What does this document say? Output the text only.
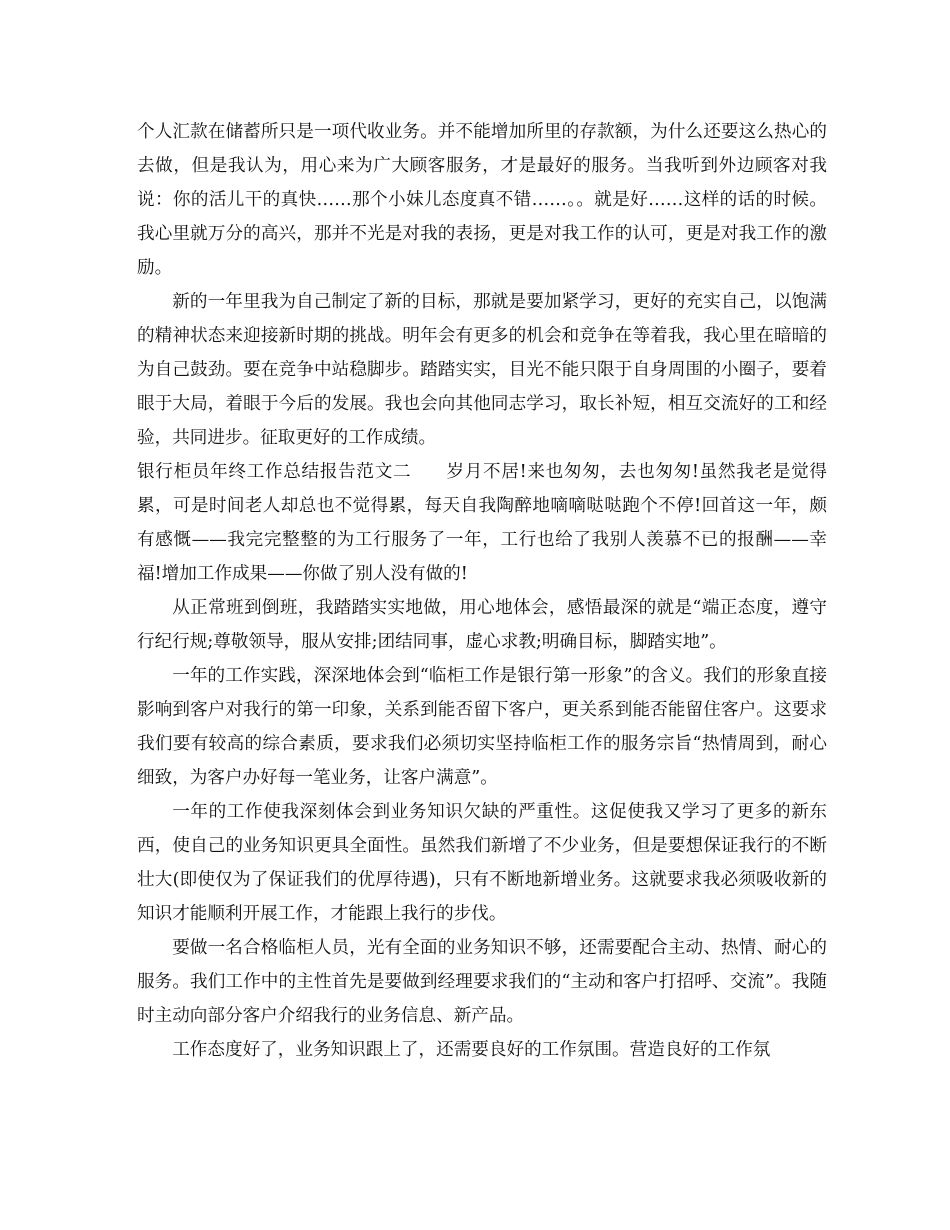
个人汇款在储蓄所只是一项代收业务。并不能增加所里的存款额，为什么还要这么热心的去做，但是我认为，用心来为广大顾客服务，才是最好的服务。当我听到外边顾客对我说：你的活儿干的真快……那个小妹儿态度真不错……。。就是好……这样的话的时候。我心里就万分的高兴，那并不光是对我的表扬，更是对我工作的认可，更是对我工作的激励。

新的一年里我为自己制定了新的目标，那就是要加紧学习，更好的充实自己，以饱满的精神状态来迎接新时期的挑战。明年会有更多的机会和竞争在等着我，我心里在暗暗的为自己鼓劲。要在竞争中站稳脚步。踏踏实实，目光不能只限于自身周围的小圈子，要着眼于大局，着眼于今后的发展。我也会向其他同志学习，取长补短，相互交流好的工和经验，共同进步。征取更好的工作成绩。

银行柜员年终工作总结报告范文二 岁月不居!来也匆匆，去也匆匆!虽然我老是觉得累，可是时间老人却总也不觉得累，每天自我陶醉地嘀嘀哒哒跑个不停!回首这一年，颇有感慨——我完完整整的为工行服务了一年，工行也给了我别人羡慕不已的报酬——幸福!增加工作成果——你做了别人没有做的!

从正常班到倒班，我踏踏实实地做，用心地体会，感悟最深的就是“端正态度，遵守行纪行规;尊敬领导，服从安排;团结同事，虚心求教;明确目标，脚踏实地”。

一年的工作实践，深深地体会到“临柜工作是银行第一形象”的含义。我们的形象直接影响到客户对我行的第一印象，关系到能否留下客户，更关系到能否能留住客户。这要求我们要有较高的综合素质，要求我们必须切实坚持临柜工作的服务宗旨“热情周到，耐心细致，为客户办好每一笔业务，让客户满意”。

一年的工作使我深刻体会到业务知识欠缺的严重性。这促使我又学习了更多的新东西，使自己的业务知识更具全面性。虽然我们新增了不少业务，但是要想保证我行的不断壮大(即使仅为了保证我们的优厚待遇)，只有不断地新增业务。这就要求我必须吸收新的知识才能顺利开展工作，才能跟上我行的步伐。

要做一名合格临柜人员，光有全面的业务知识不够，还需要配合主动、热情、耐心的服务。我们工作中的主性首先是要做到经理要求我们的“主动和客户打招呼、交流”。我随时主动向部分客户介绍我行的业务信息、新产品。

工作态度好了，业务知识跟上了，还需要良好的工作氛围。营造良好的工作氛
